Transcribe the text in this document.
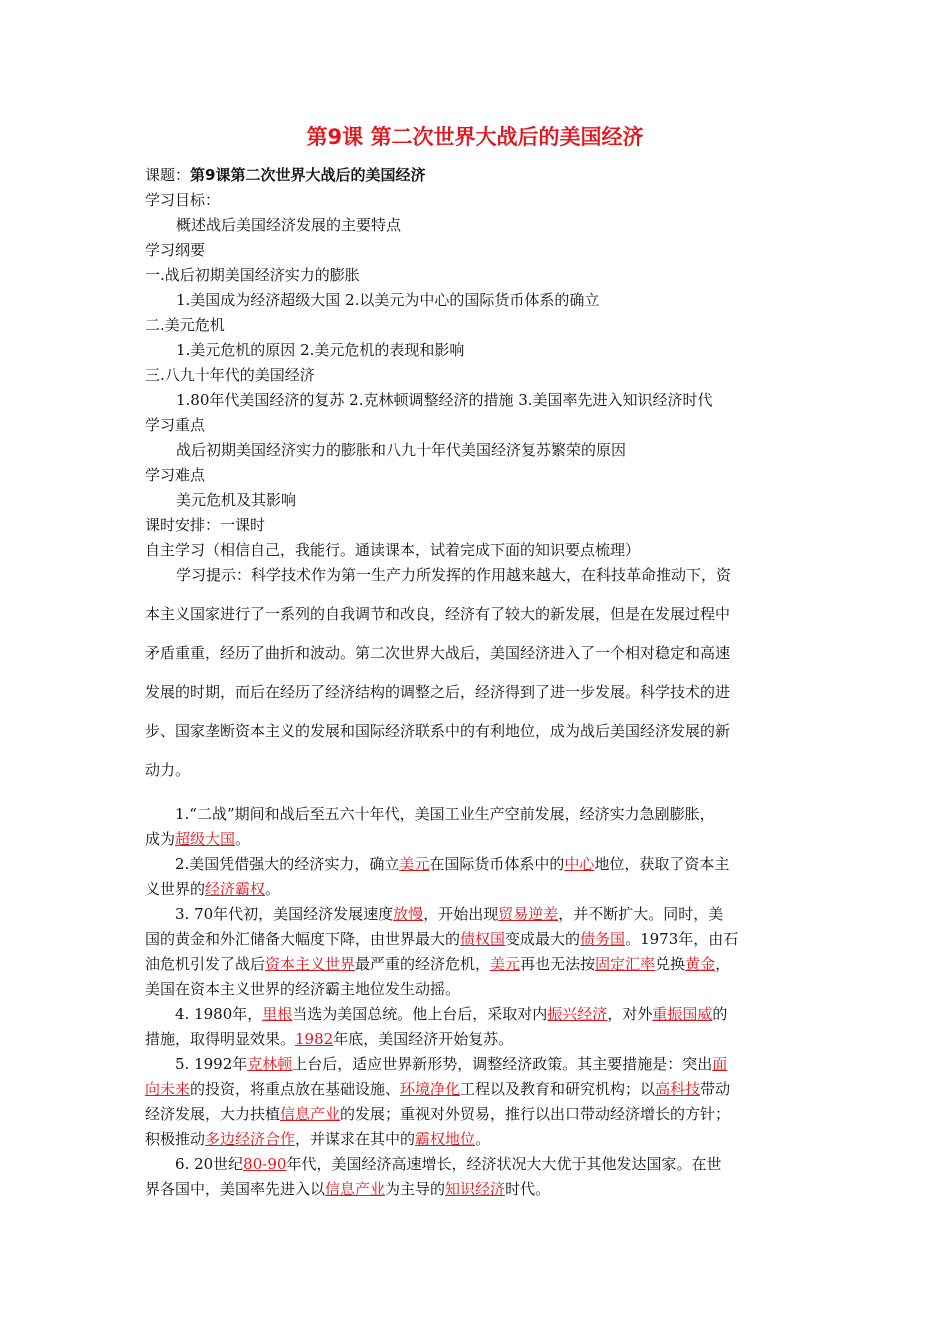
第9课 第二次世界大战后的美国经济
课题：第9课第二次世界大战后的美国经济
学习目标：
概述战后美国经济发展的主要特点
学习纲要
一.战后初期美国经济实力的膨胀
1.美国成为经济超级大国 2.以美元为中心的国际货币体系的确立
二.美元危机
1.美元危机的原因 2.美元危机的表现和影响
三.八九十年代的美国经济
1.80年代美国经济的复苏 2.克林顿调整经济的措施 3.美国率先进入知识经济时代
学习重点
战后初期美国经济实力的膨胀和八九十年代美国经济复苏繁荣的原因
学习难点
美元危机及其影响
课时安排：一课时
自主学习（相信自己，我能行。通读课本，试着完成下面的知识要点梳理）
学习提示：科学技术作为第一生产力所发挥的作用越来越大，在科技革命推动下，资
本主义国家进行了一系列的自我调节和改良，经济有了较大的新发展，但是在发展过程中
矛盾重重，经历了曲折和波动。第二次世界大战后，美国经济进入了一个相对稳定和高速
发展的时期，而后在经历了经济结构的调整之后，经济得到了进一步发展。科学技术的进
步、国家垄断资本主义的发展和国际经济联系中的有利地位，成为战后美国经济发展的新
动力。
　　1.“二战”期间和战后至五六十年代，美国工业生产空前发展，经济实力急剧膨胀，
成为超级大国。
　　2.美国凭借强大的经济实力，确立美元在国际货币体系中的中心地位，获取了资本主
义世界的经济霸权。
　　3. 70年代初，美国经济发展速度放慢，开始出现贸易逆差，并不断扩大。同时，美
国的黄金和外汇储备大幅度下降，由世界最大的债权国变成最大的债务国。1973年，由石
油危机引发了战后资本主义世界最严重的经济危机，美元再也无法按固定汇率兑换黄金，
美国在资本主义世界的经济霸主地位发生动摇。
　　4. 1980年，里根当选为美国总统。他上台后，采取对内振兴经济，对外重振国威的
措施，取得明显效果。1982年底，美国经济开始复苏。
　　5. 1992年克林顿上台后，适应世界新形势，调整经济政策。其主要措施是：突出面
向未来的投资，将重点放在基础设施、环境净化工程以及教育和研究机构；以高科技带动
经济发展，大力扶植信息产业的发展；重视对外贸易，推行以出口带动经济增长的方针；
积极推动多边经济合作，并谋求在其中的霸权地位。
　　6. 20世纪80-90年代，美国经济高速增长，经济状况大大优于其他发达国家。在世
界各国中，美国率先进入以信息产业为主导的知识经济时代。
